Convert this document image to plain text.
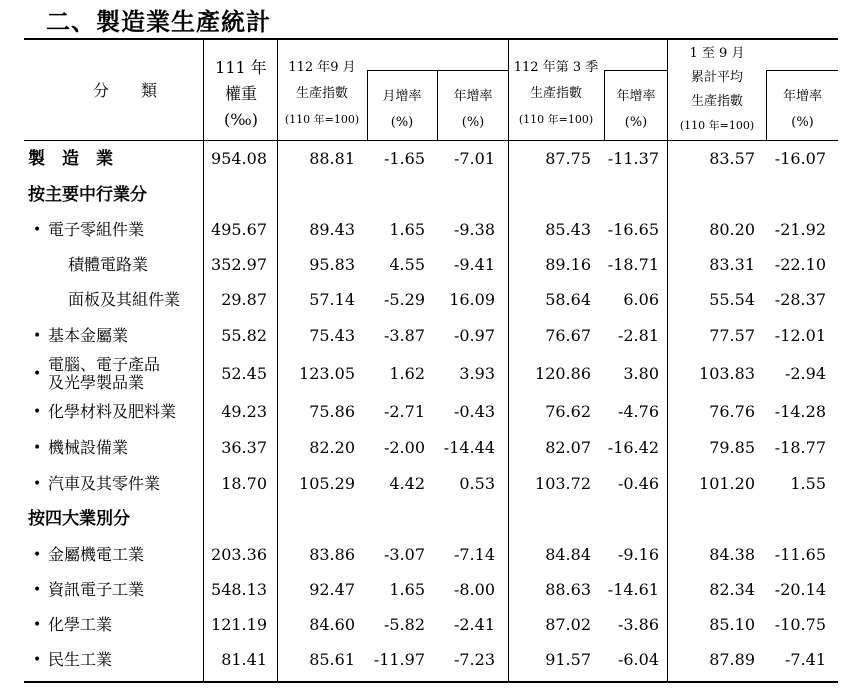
二、製造業生產統計
分　　類
111 年
權重
(‰)
112 年9 月
生產指數
(110 年=100)
月增率
(%)
年增率
(%)
112 年第 3 季
生產指數
(110 年=100)
年增率
(%)
1 至 9 月
累計平均
生產指數
(110 年=100)
年增率
(%)
製　造　業	954.08	88.81 -1.65 -7.01	87.75 -11.37	83.57 -16.07
按主要中行業分
• 電子零組件業	495.67	89.43 1.65 -9.38	85.43 -16.65	80.20 -21.92
積體電路業	352.97	95.83 4.55 -9.41	89.16 -18.71	83.31 -22.10
面板及其組件業	29.87	57.14 -5.29 16.09	58.64 6.06	55.54 -28.37
• 基本金屬業	55.82	75.43 -3.87 -0.97	76.67 -2.81	77.57 -12.01
• 電腦、電子產品
及光學製品業	52.45 123.05 1.62 3.93	120.86 3.80	103.83 -2.94
• 化學材料及肥料業	49.23	75.86 -2.71 -0.43	76.62 -4.76	76.76 -14.28
• 機械設備業	36.37	82.20 -2.00 -14.44	82.07 -16.42	79.85 -18.77
• 汽車及其零件業	18.70 105.29 4.42 0.53	103.72 -0.46	101.20 1.55
按四大業別分
• 金屬機電工業	203.36	83.86 -3.07 -7.14	84.84 -9.16	84.38 -11.65
• 資訊電子工業	548.13	92.47 1.65 -8.00	88.63 -14.61	82.34 -20.14
• 化學工業	121.19	84.60 -5.82 -2.41	87.02 -3.86	85.10 -10.75
• 民生工業	81.41	85.61 -11.97 -7.23	91.57 -6.04	87.89 -7.41
